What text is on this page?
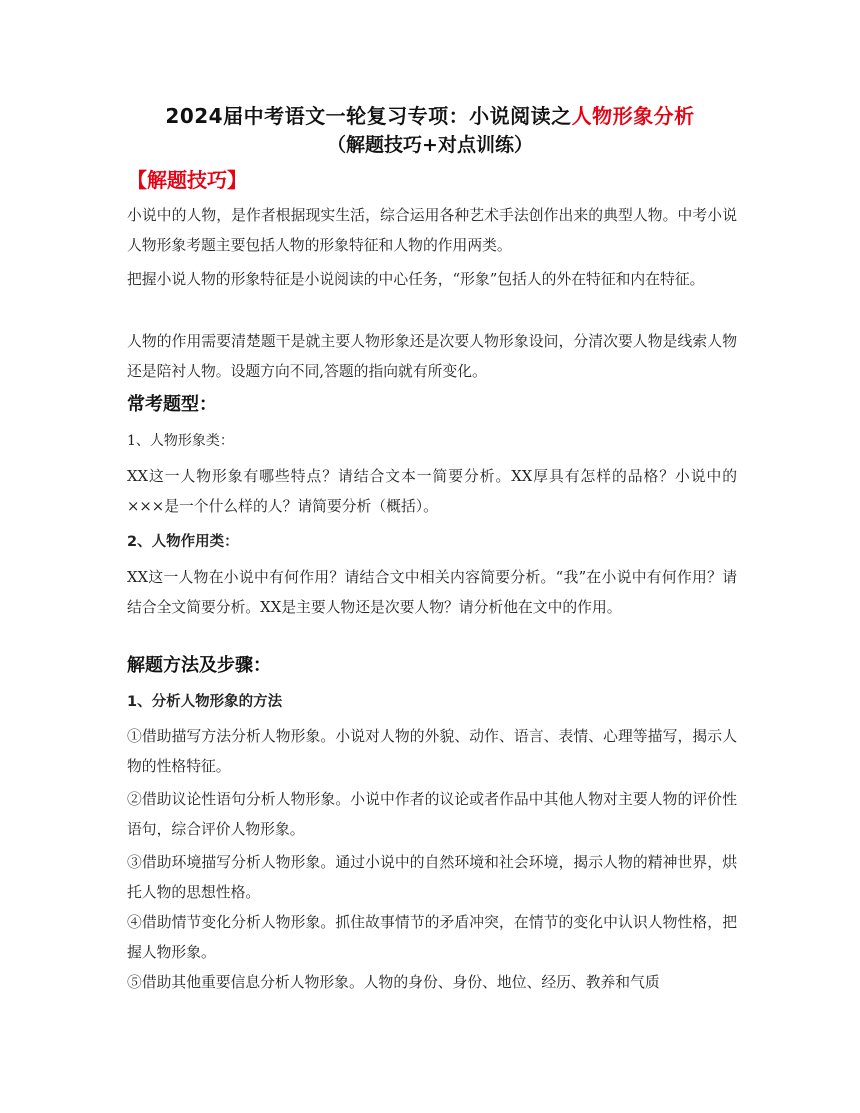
2024届中考语文一轮复习专项：小说阅读之人物形象分析
（解题技巧+对点训练）
【解题技巧】
小说中的人物，是作者根据现实生活，综合运用各种艺术手法创作出来的典型人物。中考小说人物形象考题主要包括人物的形象特征和人物的作用两类。
把握小说人物的形象特征是小说阅读的中心任务，“形象”包括人的外在特征和内在特征。
人物的作用需要清楚题干是就主要人物形象还是次要人物形象设问，分清次要人物是线索人物还是陪衬人物。设题方向不同,答题的指向就有所变化。
常考题型：
1、人物形象类：
XX这一人物形象有哪些特点？请结合文本一简要分析。XX厚具有怎样的品格？小说中的×××是一个什么样的人？请简要分析（概括）。
2、人物作用类：
XX这一人物在小说中有何作用？请结合文中相关内容简要分析。“我”在小说中有何作用？请结合全文简要分析。XX是主要人物还是次要人物？请分析他在文中的作用。
解题方法及步骤：
1、分析人物形象的方法
①借助描写方法分析人物形象。小说对人物的外貌、动作、语言、表情、心理等描写，揭示人物的性格特征。
②借助议论性语句分析人物形象。小说中作者的议论或者作品中其他人物对主要人物的评价性语句，综合评价人物形象。
③借助环境描写分析人物形象。通过小说中的自然环境和社会环境，揭示人物的精神世界，烘托人物的思想性格。
④借助情节变化分析人物形象。抓住故事情节的矛盾冲突，在情节的变化中认识人物性格，把握人物形象。
⑤借助其他重要信息分析人物形象。人物的身份、身份、地位、经历、教养和气质
